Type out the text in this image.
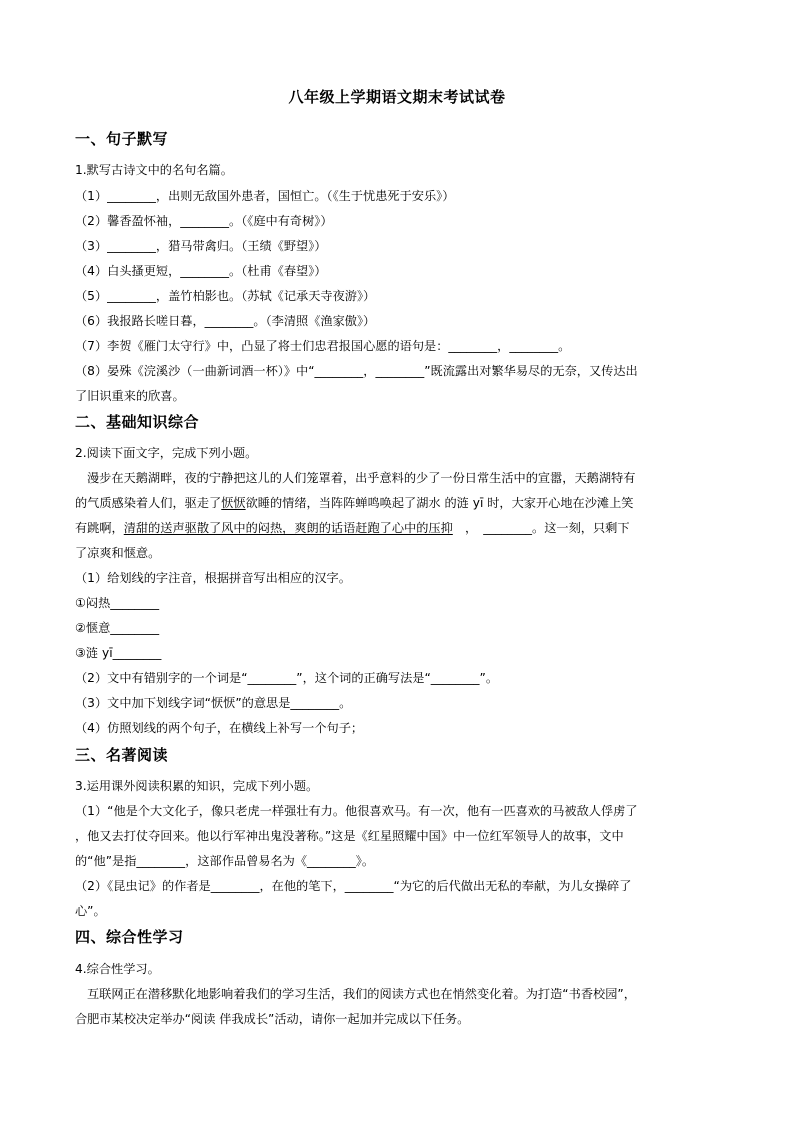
八年级上学期语文期末考试试卷
一、句子默写
1.默写古诗文中的名句名篇。
（1）________，出则无敌国外患者，国恒亡。（《生于忧患死于安乐》）
（2）馨香盈怀袖，________。（《庭中有奇树》）
（3）________，猎马带禽归。（王绩《野望》）
（4）白头搔更短，________。（杜甫《春望》）
（5）________，盖竹柏影也。（苏轼《记承天寺夜游》）
（6）我报路长嗟日暮，________。（李清照《渔家傲》）
（7）李贺《雁门太守行》中，凸显了将士们忠君报国心愿的语句是：________，________。
（8）晏殊《浣溪沙（一曲新词酒一杯）》中“________，________”既流露出对繁华易尽的无奈，又传达出
了旧识重来的欣喜。
二、基础知识综合
2.阅读下面文字，完成下列小题。
漫步在天鹅湖畔，夜的宁静把这儿的人们笼罩着，出乎意料的少了一份日常生活中的宣嚣，天鹅湖特有
的气质感染着人们，驱走了恹恹欲睡的情绪，当阵阵蝉鸣唤起了湖水 的涟 yī 时，大家开心地在沙滩上笑
有跳啊，清甜的送声驱散了风中的闷热，爽朗的话语赶跑了心中的压抑　，　________。这一刻，只剩下
了凉爽和惬意。
（1）给划线的字注音，根据拼音写出相应的汉字。
①闷热________
②惬意________
③涟 yī________
（2）文中有错别字的一个词是“________”，这个词的正确写法是“________”。
（3）文中加下划线字词“恹恹”的意思是________。
（4）仿照划线的两个句子，在横线上补写一个句子；
三、名著阅读
3.运用课外阅读积累的知识，完成下列小题。
（1）“他是个大文化子，像只老虎一样强壮有力。他很喜欢马。有一次，他有一匹喜欢的马被敌人俘虏了
，他又去打仗夺回来。他以行军神出鬼没著称。”这是《红星照耀中国》中一位红军领导人的故事，文中
的“他”是指________，这部作品曾易名为《________》。
（2）《昆虫记》的作者是________，在他的笔下，________“为它的后代做出无私的奉献，为儿女操碎了
心”。
四、综合性学习
4.综合性学习。
互联网正在潜移默化地影响着我们的学习生活，我们的阅读方式也在悄然变化着。为打造“书香校园”，
合肥市某校决定举办“阅读 伴我成长”活动，请你一起加并完成以下任务。
